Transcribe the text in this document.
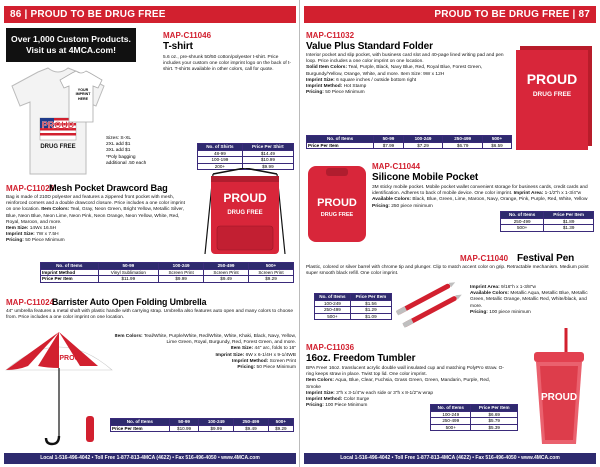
86 | PROUD TO BE DRUG FREE
Over 1,000 Custom Products.
Visit us at 4MCA.com!
PROUD
DRUG FREE
YOUR IMPRINT HERE
MAP-C11046
T-shirt
5.6 oz., pre-shrunk 50/50 cotton/polyester t-shirt. Price includes your custom one color imprint logo on the back of t-shirt. T-shirts available in other colors, call for quote.
Sizes: S-XL
2XL add $1
3XL add $1
*Poly bagging
additional .50 each
No. of Shirts	Price Per Shirt
48-99	$14.49
100-199	$10.99
200+	$9.99
MAP-C11026
Mesh Pocket Drawcord Bag
Bag is made of 210D polyester and features a zippered front pocket with mesh, reinforced corners and a double drawcord closure. Price includes a one color imprint on one location. Item Colors: Teal, Gray, Neon Green, Bright Yellow, Metallic Silver, Blue, Neon Blue, Neon Lime, Neon Pink, Neon Orange, Neon Yellow, White, Red, Royal, Maroon, and more.
Item Size: 14Wx 16.5H
Imprint Size: 7W x 7.5H
Pricing: 50 Piece Minimum
PROUD
DRUG FREE
No. of Items	50-99	100-249	250-499	500+
Imprint Method	Vinyl Sublimation	Screen Print	Screen Print	Screen Print
Price Per Item	$11.99	$9.99	$9.49	$9.29
MAP-C11024
Barrister Auto Open Folding Umbrella
44" umbrella features a metal shaft with plastic handle with carrying strap. Umbrella also features auto open and many colors to choose from. Price includes a one color imprint on one location.
PROUD
Item Colors: Teal/White, Purple/White, Red/White, White, Khaki, Black, Navy, Yellow, Lime Green, Royal, Burgundy, Red, Forest Green, and more.
Item Size: 44" arc, folds to 16"
Imprint Size: 6W x 6-1/4H x 9-1/4WB
Imprint Method: Screen Print
Pricing: 50 Piece Minimum
No. of Items	50-99	100-249	250-499	500+
Price Per Item	$10.99	$9.99	$9.49	$9.29
Local 1-516-496-4042 • Toll Free 1-877-813-4MCA (4622) • Fax 516-496-4050 • www.4MCA.com
PROUD TO BE DRUG FREE | 87
MAP-C11032
Value Plus Standard Folder
Interior pocket and slip pocket, with business card slot and 40-page lined writing pad and pen loop. Price includes a one color imprint on one location.
Solid Item Colors: Teal, Purple, Black, Navy Blue, Red, Royal Blue, Forest Green, Burgundy/Yellow, Orange, White, and more. Item Size: 9W x 12H
Imprint Size: 6 square inches / outside bottom right
Imprint Method: Hot Stamp
Pricing: 50 Piece Minimum
PROUD
DRUG FREE
No. of Items	50-99	100-249	250-499	500+
Price Per Item	$7.99	$7.29	$6.79	$6.59
PROUD
DRUG FREE
MAP-C11044
Silicone Mobile Pocket
3M sticky mobile pocket. Mobile pocket wallet convenient storage for business cards, credit cards and identification. Adheres to back of mobile device. One color imprint. Imprint Area: 1-1/2"h x 1-3/4"w
Available Colors: Black, Blue, Green, Lime, Maroon, Navy, Orange, Pink, Purple, Red, White, Yellow
Pricing: 250 piece minimum
No. of Items	Price Per Item
250-499	$1.89
500+	$1.39
MAP-C11040 Festival Pen
Plastic, colored or silver barrel with chrome tip and plunger. Clip to match accent color on grip. Retractable mechanism. Medium point super smooth black refill. One color imprint.
No. of Items	Price Per Item
100-249	$1.56
250-499	$1.29
500+	$1.09
Imprint Area: 9/16"h x 1-3/8"w
Available Colors: Metallic Aqua, Metallic Blue, Metallic Green, Metallic Orange, Metallic Red, White/black, and more.
Pricing: 100 piece minimum
MAP-C11036
16oz. Freedom Tumbler
BPA Free! 16oz. translucent acrylic double wall insulated cup and matching PolyPro straw. O-ring keeps straw in place. Twist top lid. One color imprint.
Item Colors: Aqua, Blue, Clear, Fuchsia, Grass Green, Green, Mandarin, Purple, Red, Smoke
Imprint Size: 3"h x 3-1/4"w each side or 3"h x 8-1/2"w wrap
Imprint Method: Color Surge
Pricing: 100 Piece Minimum	No. of Items	Price Per Item
100-249	$6.69
250-499	$5.79
500+	$5.39
PROUD
Local 1-516-496-4042 • Toll Free 1-877-813-4MCA (4622) • Fax 516-496-4050 • www.4MCA.com
